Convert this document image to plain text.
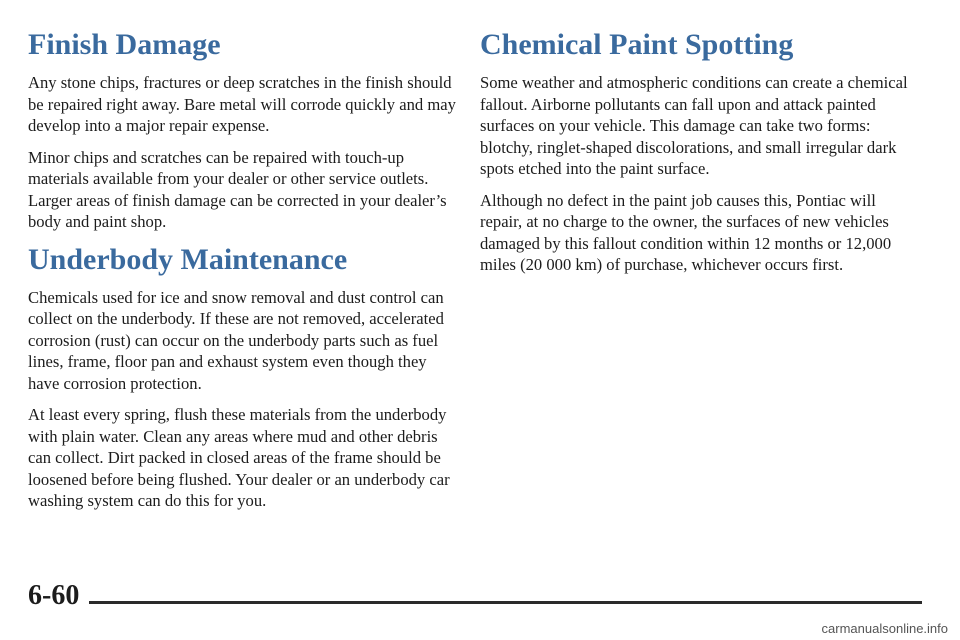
Finish Damage

Any stone chips, fractures or deep scratches in the finish should be repaired right away. Bare metal will corrode quickly and may develop into a major repair expense.

Minor chips and scratches can be repaired with touch-up materials available from your dealer or other service outlets. Larger areas of finish damage can be corrected in your dealer’s body and paint shop.

Underbody Maintenance

Chemicals used for ice and snow removal and dust control can collect on the underbody. If these are not removed, accelerated corrosion (rust) can occur on the underbody parts such as fuel lines, frame, floor pan and exhaust system even though they have corrosion protection.

At least every spring, flush these materials from the underbody with plain water. Clean any areas where mud and other debris can collect. Dirt packed in closed areas of the frame should be loosened before being flushed. Your dealer or an underbody car washing system can do this for you.

Chemical Paint Spotting

Some weather and atmospheric conditions can create a chemical fallout. Airborne pollutants can fall upon and attack painted surfaces on your vehicle. This damage can take two forms: blotchy, ringlet-shaped discolorations, and small irregular dark spots etched into the paint surface.

Although no defect in the paint job causes this, Pontiac will repair, at no charge to the owner, the surfaces of new vehicles damaged by this fallout condition within 12 months or 12,000 miles (20 000 km) of purchase, whichever occurs first.

6-60
carmanualsonline.info
